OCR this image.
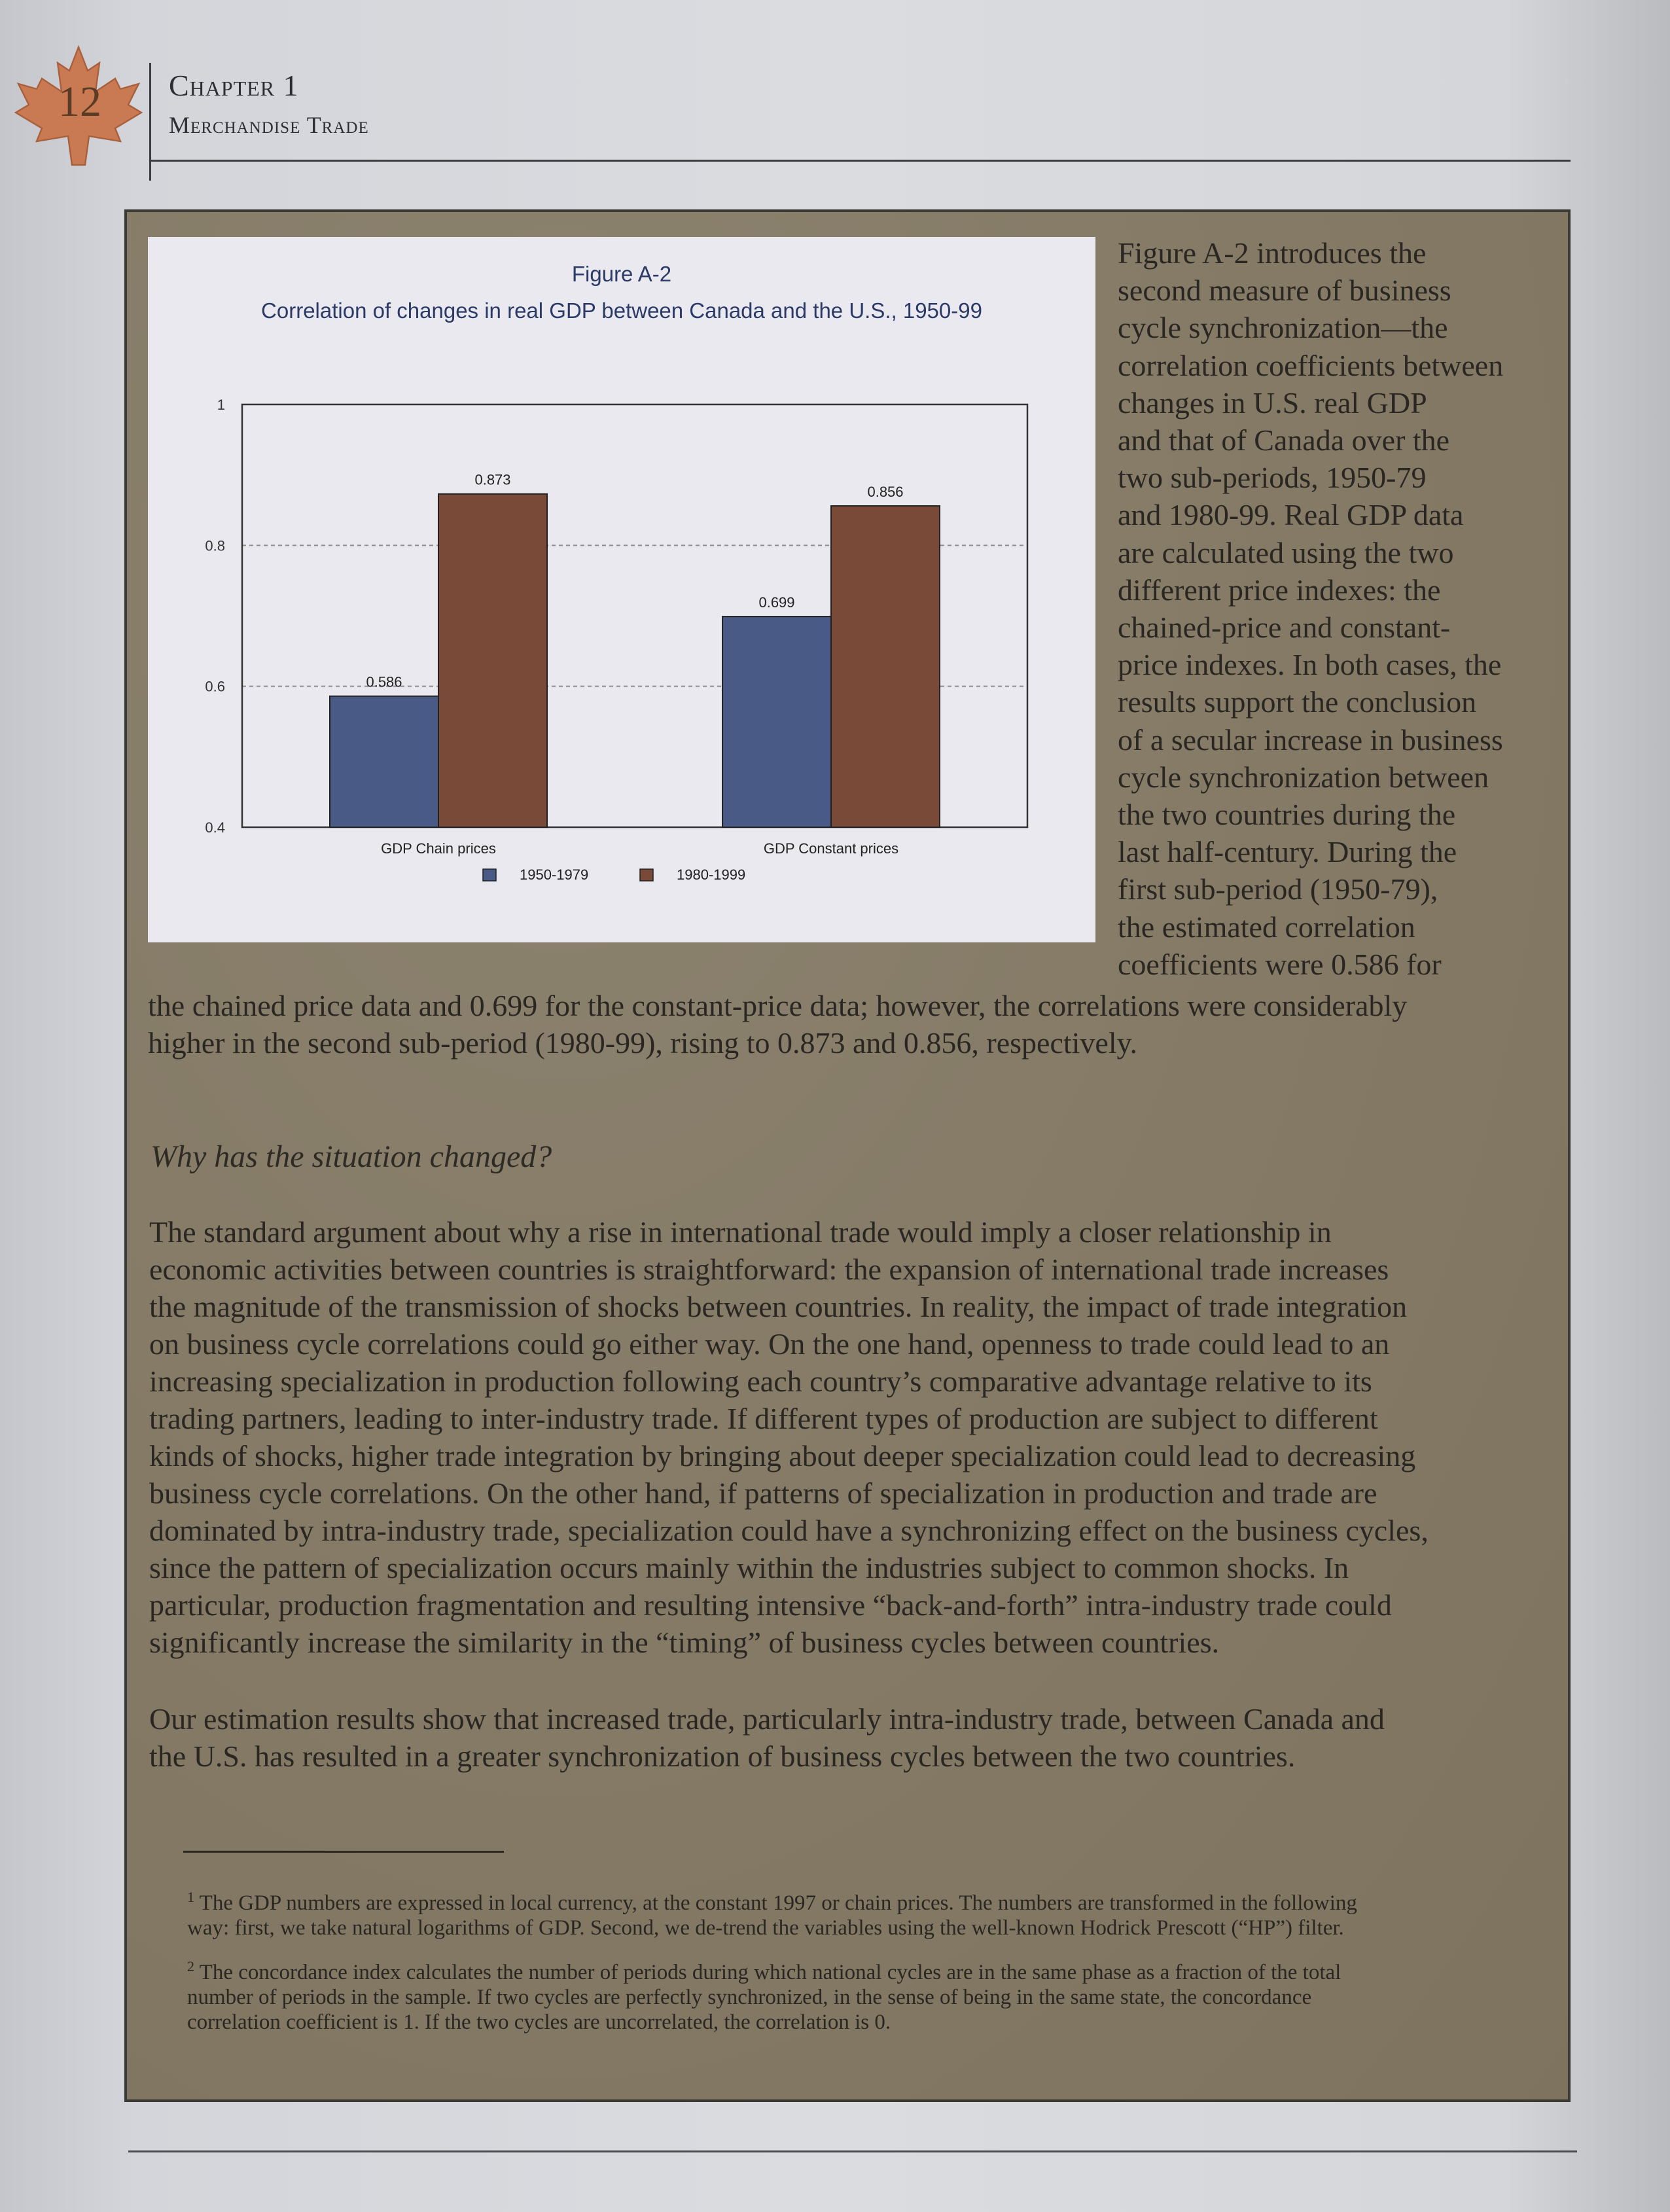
12	Chapter 1
Merchandise Trade
Figure A-2
Correlation of changes in real GDP between Canada and the U.S., 1950-99
0.4
0.6
0.8
1
0.586
0.873
GDP Chain prices
0.699
0.856
GDP Constant prices
1950-1979	1980-1999
Figure A-2 introduces the
second measure of business
cycle synchronization—the
correlation coefficients between
changes in U.S. real GDP
and that of Canada over the
two sub-periods, 1950-79
and 1980-99. Real GDP data
are calculated using the two
different price indexes: the
chained-price and constant-
price indexes. In both cases, the
results support the conclusion
of a secular increase in business
cycle synchronization between
the two countries during the
last half-century. During the
first sub-period (1950-79),
the estimated correlation
coefficients were 0.586 for
the chained price data and 0.699 for the constant-price data; however, the correlations were considerably
higher in the second sub-period (1980-99), rising to 0.873 and 0.856, respectively.
Why has the situation changed?
The standard argument about why a rise in international trade would imply a closer relationship in
economic activities between countries is straightforward: the expansion of international trade increases
the magnitude of the transmission of shocks between countries. In reality, the impact of trade integration
on business cycle correlations could go either way. On the one hand, openness to trade could lead to an
increasing specialization in production following each country’s comparative advantage relative to its
trading partners, leading to inter-industry trade. If different types of production are subject to different
kinds of shocks, higher trade integration by bringing about deeper specialization could lead to decreasing
business cycle correlations. On the other hand, if patterns of specialization in production and trade are
dominated by intra-industry trade, specialization could have a synchronizing effect on the business cycles,
since the pattern of specialization occurs mainly within the industries subject to common shocks. In
particular, production fragmentation and resulting intensive “back-and-forth” intra-industry trade could
significantly increase the similarity in the “timing” of business cycles between countries.
Our estimation results show that increased trade, particularly intra-industry trade, between Canada and
the U.S. has resulted in a greater synchronization of business cycles between the two countries.
$^1$ The GDP numbers are expressed in local currency, at the constant 1997 or chain prices. The numbers are transformed in the following
way: first, we take natural logarithms of GDP. Second, we de-trend the variables using the well-known Hodrick Prescott (“HP”) filter.
$^2$ The concordance index calculates the number of periods during which national cycles are in the same phase as a fraction of the total
number of periods in the sample. If two cycles are perfectly synchronized, in the sense of being in the same state, the concordance
correlation coefficient is 1. If the two cycles are uncorrelated, the correlation is 0.
